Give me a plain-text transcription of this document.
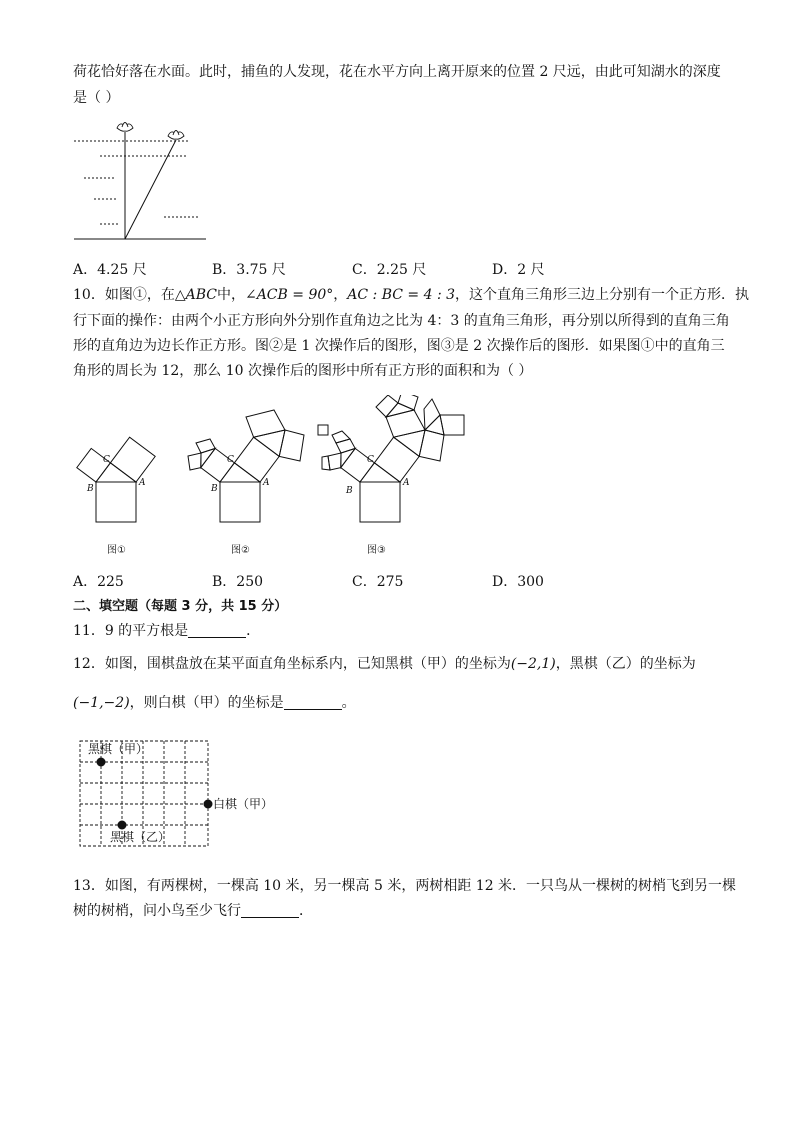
荷花恰好落在水面。此时，捕鱼的人发现，花在水平方向上离开原来的位置 2 尺远，由此可知湖水的深度
是（ ）
A．4.25 尺	B．3.75 尺	C．2.25 尺	D．2 尺
10．如图①，在△ABC中，∠ACB = 90°，AC : BC = 4 : 3，这个直角三角形三边上分别有一个正方形．执
行下面的操作：由两个小正方形向外分别作直角边之比为 4：3 的直角三角形，再分别以所得到的直角三角
形的直角边为边长作正方形。图②是 1 次操作后的图形，图③是 2 次操作后的图形．如果图①中的直角三
角形的周长为 12，那么 10 次操作后的图形中所有正方形的面积和为（ ）
C
B
A
C
B
A
C
B
A
图①	图②	图③
A．225	B．250	C．275	D．300
二、填空题（每题 3 分，共 15 分）
11．9 的平方根是	．
12．如图，围棋盘放在某平面直角坐标系内，已知黑棋（甲）的坐标为(−2,1)，黑棋（乙）的坐标为
(−1,−2)，则白棋（甲）的坐标是	。
黑棋（甲）
白棋（甲）
黑棋（乙）
13．如图，有两棵树，一棵高 10 米，另一棵高 5 米，两树相距 12 米．一只鸟从一棵树的树梢飞到另一棵
树的树梢，问小鸟至少飞行	．
